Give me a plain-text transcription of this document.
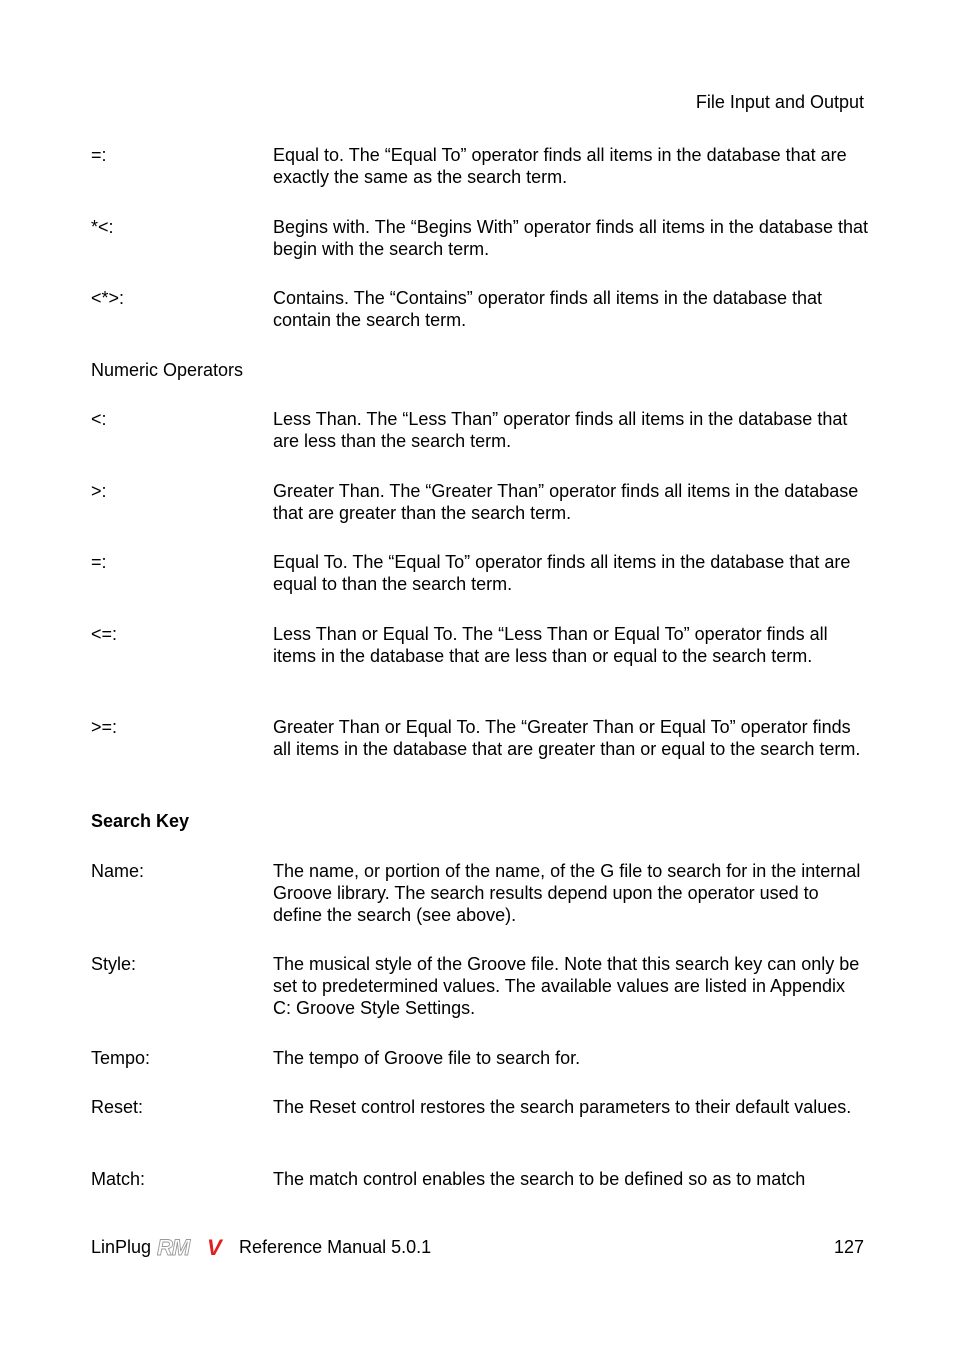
File Input and Output
=:	Equal to. The “Equal To” operator finds all items in the database that are exactly the same as the search term.
*<:	Begins with. The “Begins With” operator finds all items in the database that begin with the search term.
<*>:	Contains. The “Contains” operator finds all items in the database that contain the search term.
Numeric Operators
<:	Less Than. The “Less Than” operator finds all items in the database that are less than the search term.
>:	Greater Than. The “Greater Than” operator finds all items in the database that are greater than the search term.
=:	Equal To. The “Equal To” operator finds all items in the database that are equal to than the search term.
<=:	Less Than or Equal To. The “Less Than or Equal To” operator finds all items in the database that are less than or equal to the search term.
>=:	Greater Than or Equal To. The “Greater Than or Equal To” operator finds all items in the database that are greater than or equal to the search term.
Search Key
Name:	The name, or portion of the name, of the G file to search for in the internal Groove library. The search results depend upon the operator used to define the search (see above).
Style:	The musical style of the Groove file. Note that this search key can only be set to predetermined values. The available values are listed in Appendix C: Groove Style Settings.
Tempo:	The tempo of Groove file to search for.
Reset:	The Reset control restores the search parameters to their default values.
Match:	The match control enables the search to be defined so as to match
LinPlug RM V Reference Manual 5.0.1	127
